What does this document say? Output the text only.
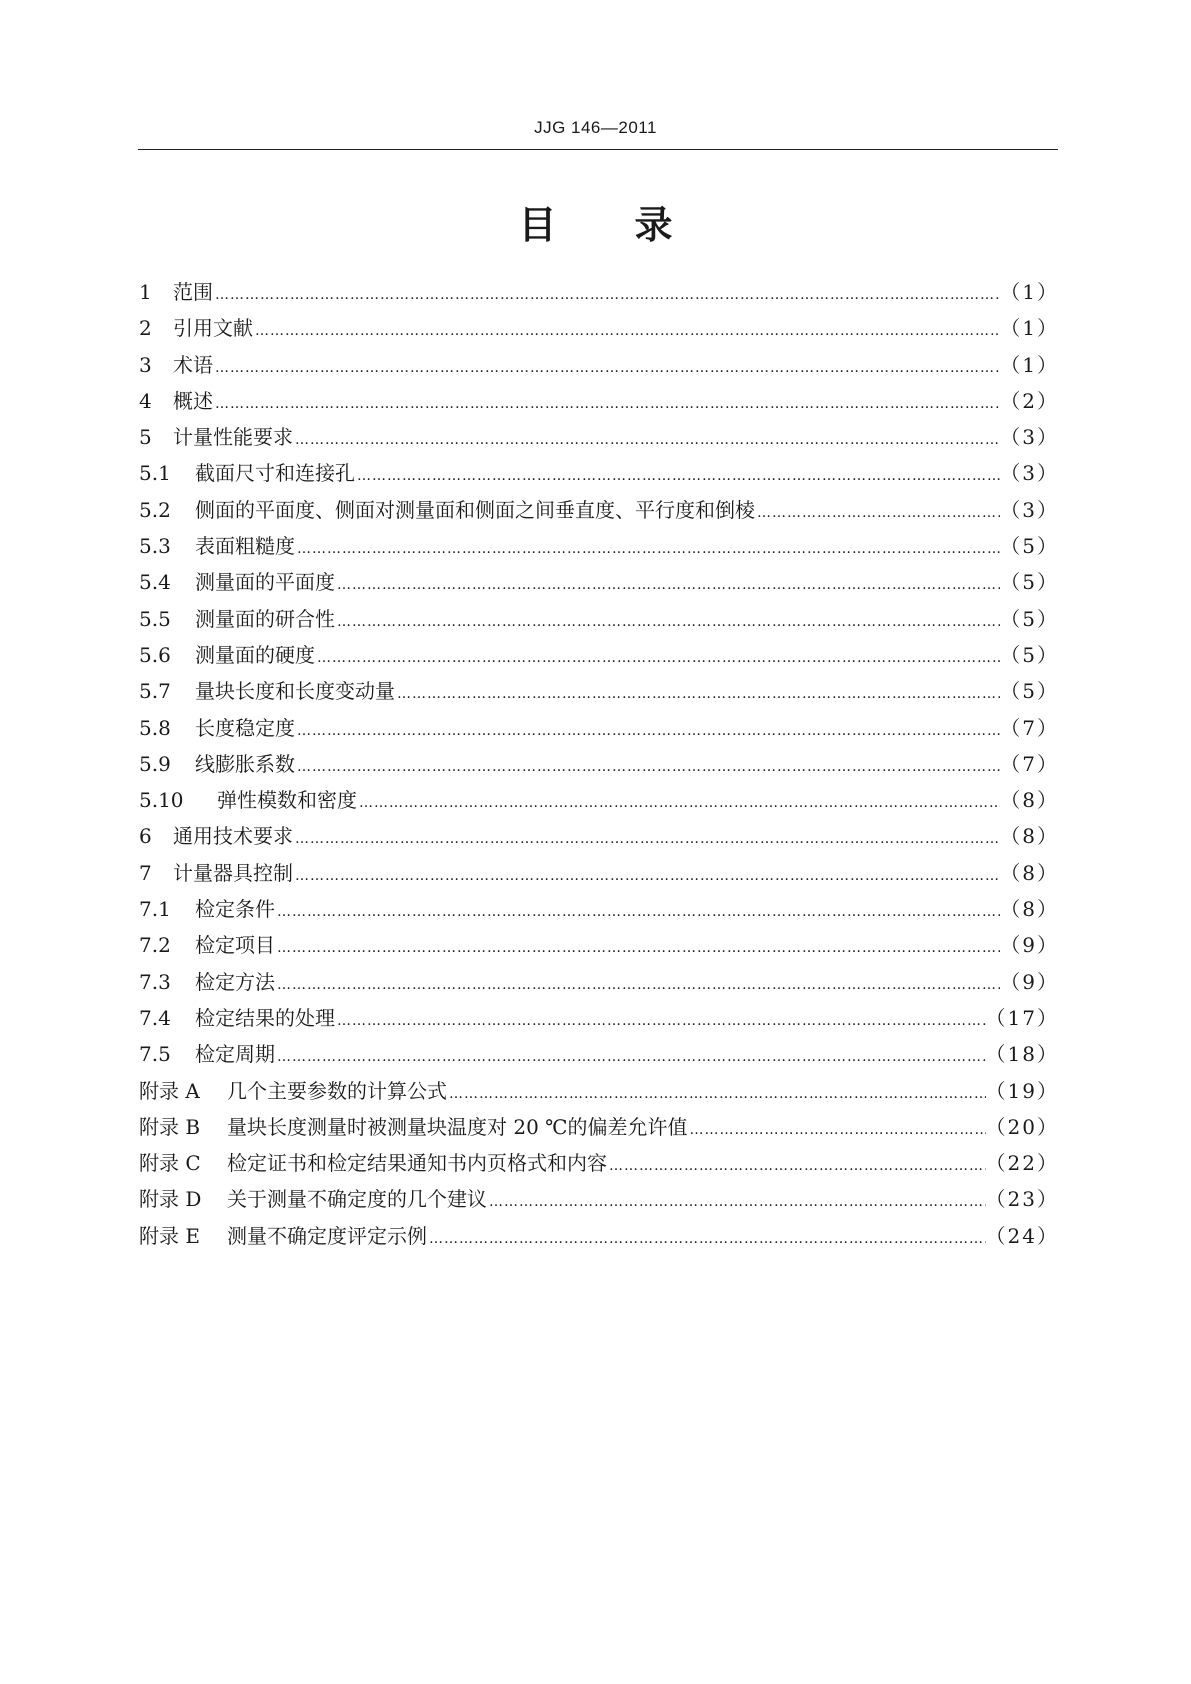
JJG 146—2011
目录
1	范围 ………………………………………………………………………………………………………………………………………………………………	（1）
2	引用文献 ………………………………………………………………………………………………………………………………………………………………	（1）
3	术语 ………………………………………………………………………………………………………………………………………………………………	（1）
4	概述 ………………………………………………………………………………………………………………………………………………………………	（2）
5	计量性能要求 ………………………………………………………………………………………………………………………………………………………………	（3）
5.1	截面尺寸和连接孔 ………………………………………………………………………………………………………………………………………………………………	（3）
5.2	侧面的平面度、侧面对测量面和侧面之间垂直度、平行度和倒棱 ………………………………………………………………………………………………………………………………………………………………	（3）
5.3	表面粗糙度 ………………………………………………………………………………………………………………………………………………………………	（5）
5.4	测量面的平面度 ………………………………………………………………………………………………………………………………………………………………	（5）
5.5	测量面的研合性 ………………………………………………………………………………………………………………………………………………………………	（5）
5.6	测量面的硬度 ………………………………………………………………………………………………………………………………………………………………	（5）
5.7	量块长度和长度变动量 ………………………………………………………………………………………………………………………………………………………………	（5）
5.8	长度稳定度 ………………………………………………………………………………………………………………………………………………………………	（7）
5.9	线膨胀系数 ………………………………………………………………………………………………………………………………………………………………	（7）
5.10	弹性模数和密度 ………………………………………………………………………………………………………………………………………………………………	（8）
6	通用技术要求 ………………………………………………………………………………………………………………………………………………………………	（8）
7	计量器具控制 ………………………………………………………………………………………………………………………………………………………………	（8）
7.1	检定条件 ………………………………………………………………………………………………………………………………………………………………	（8）
7.2	检定项目 ………………………………………………………………………………………………………………………………………………………………	（9）
7.3	检定方法 ………………………………………………………………………………………………………………………………………………………………	（9）
7.4	检定结果的处理 ………………………………………………………………………………………………………………………………………………………………	（17）
7.5	检定周期 ………………………………………………………………………………………………………………………………………………………………	（18）
附录 A	几个主要参数的计算公式 ………………………………………………………………………………………………………………………………………………………………	（19）
附录 B	量块长度测量时被测量块温度对 20 ℃的偏差允许值 ………………………………………………………………………………………………………………………………………………………………	（20）
附录 C	检定证书和检定结果通知书内页格式和内容 ………………………………………………………………………………………………………………………………………………………………	（22）
附录 D	关于测量不确定度的几个建议 ………………………………………………………………………………………………………………………………………………………………	（23）
附录 E	测量不确定度评定示例 ………………………………………………………………………………………………………………………………………………………………	（24）
